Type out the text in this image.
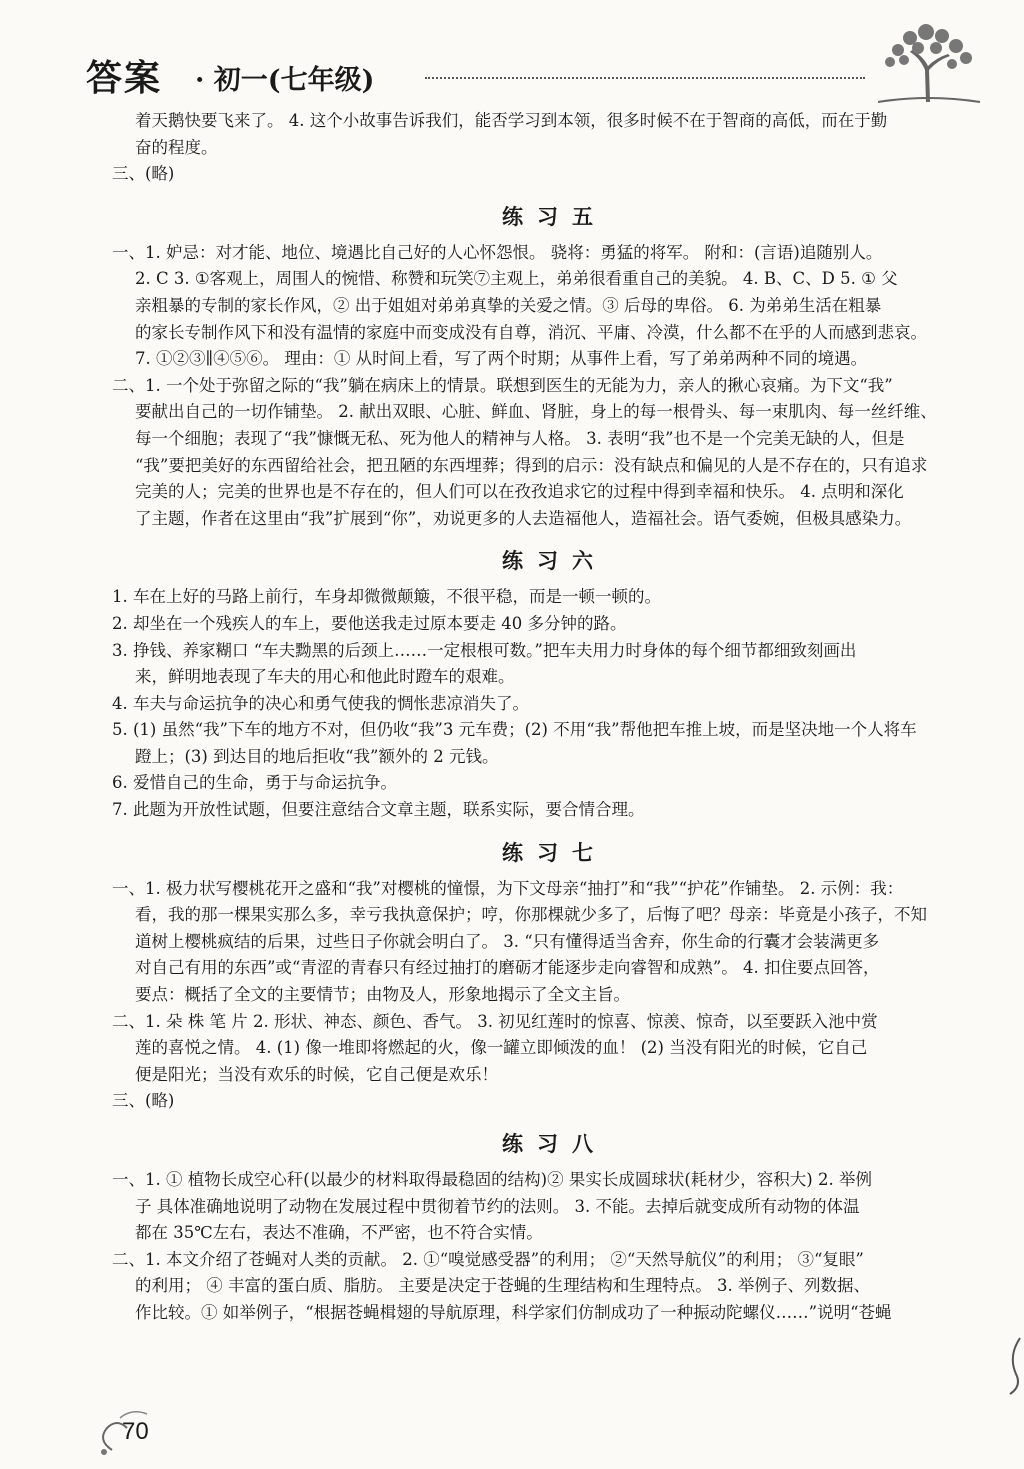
答案 · 初一(七年级)

着天鹅快要飞来了。 4. 这个小故事告诉我们，能否学习到本领，很多时候不在于智商的高低，而在于勤

奋的程度。

三、(略)

练习五

一、1. 妒忌：对才能、地位、境遇比自己好的人心怀怨恨。 骁将：勇猛的将军。 附和：(言语)追随别人。

2. C 3. ①客观上，周围人的惋惜、称赞和玩笑⑦主观上，弟弟很看重自己的美貌。 4. B、C、D 5. ① 父

亲粗暴的专制的家长作风，② 出于姐姐对弟弟真挚的关爱之情。③ 后母的卑俗。 6. 为弟弟生活在粗暴

的家长专制作风下和没有温情的家庭中而变成没有自尊，消沉、平庸、冷漠，什么都不在乎的人而感到悲哀。

7. ①②③∥④⑤⑥。 理由：① 从时间上看，写了两个时期；从事件上看，写了弟弟两种不同的境遇。

二、1. 一个处于弥留之际的“我”躺在病床上的情景。联想到医生的无能为力，亲人的揪心哀痛。为下文“我”

要献出自己的一切作铺垫。 2. 献出双眼、心脏、鲜血、肾脏，身上的每一根骨头、每一束肌肉、每一丝纤维、

每一个细胞；表现了“我”慷慨无私、死为他人的精神与人格。 3. 表明“我”也不是一个完美无缺的人，但是

“我”要把美好的东西留给社会，把丑陋的东西埋葬；得到的启示：没有缺点和偏见的人是不存在的，只有追求

完美的人；完美的世界也是不存在的，但人们可以在孜孜追求它的过程中得到幸福和快乐。 4. 点明和深化

了主题，作者在这里由“我”扩展到“你”，劝说更多的人去造福他人，造福社会。语气委婉，但极具感染力。

练习六

1. 车在上好的马路上前行，车身却微微颠簸，不很平稳，而是一顿一顿的。

2. 却坐在一个残疾人的车上，要他送我走过原本要走 40 多分钟的路。

3. 挣钱、养家糊口 “车夫黝黑的后颈上……一定根根可数。”把车夫用力时身体的每个细节都细致刻画出

来，鲜明地表现了车夫的用心和他此时蹬车的艰难。

4. 车夫与命运抗争的决心和勇气使我的惆怅悲凉消失了。

5. (1) 虽然“我”下车的地方不对，但仍收“我”3 元车费；(2) 不用“我”帮他把车推上坡，而是坚决地一个人将车

蹬上；(3) 到达目的地后拒收“我”额外的 2 元钱。

6. 爱惜自己的生命，勇于与命运抗争。

7. 此题为开放性试题，但要注意结合文章主题，联系实际，要合情合理。

练习七

一、1. 极力状写樱桃花开之盛和“我”对樱桃的憧憬，为下文母亲“抽打”和“我”“护花”作铺垫。 2. 示例：我：

看，我的那一棵果实那么多，幸亏我执意保护；哼，你那棵就少多了，后悔了吧？母亲：毕竟是小孩子，不知

道树上樱桃疯结的后果，过些日子你就会明白了。 3. “只有懂得适当舍弃，你生命的行囊才会装满更多

对自己有用的东西”或“青涩的青春只有经过抽打的磨砺才能逐步走向睿智和成熟”。 4. 扣住要点回答，

要点：概括了全文的主要情节；由物及人，形象地揭示了全文主旨。

二、1. 朵 株 笔 片 2. 形状、神态、颜色、香气。 3. 初见红莲时的惊喜、惊羡、惊奇，以至要跃入池中赏

莲的喜悦之情。 4. (1) 像一堆即将燃起的火，像一罐立即倾泼的血！ (2) 当没有阳光的时候，它自己

便是阳光；当没有欢乐的时候，它自己便是欢乐！

三、(略)

练习八

一、1. ① 植物长成空心秆(以最少的材料取得最稳固的结构)② 果实长成圆球状(耗材少，容积大) 2. 举例

子 具体准确地说明了动物在发展过程中贯彻着节约的法则。 3. 不能。去掉后就变成所有动物的体温

都在 35℃左右，表达不准确，不严密，也不符合实情。

二、1. 本文介绍了苍蝇对人类的贡献。 2. ①“嗅觉感受器”的利用； ②“天然导航仪”的利用； ③“复眼”

的利用； ④ 丰富的蛋白质、脂肪。 主要是决定于苍蝇的生理结构和生理特点。 3. 举例子、列数据、

作比较。① 如举例子，“根据苍蝇楫翅的导航原理，科学家们仿制成功了一种振动陀螺仪……”说明“苍蝇

70
